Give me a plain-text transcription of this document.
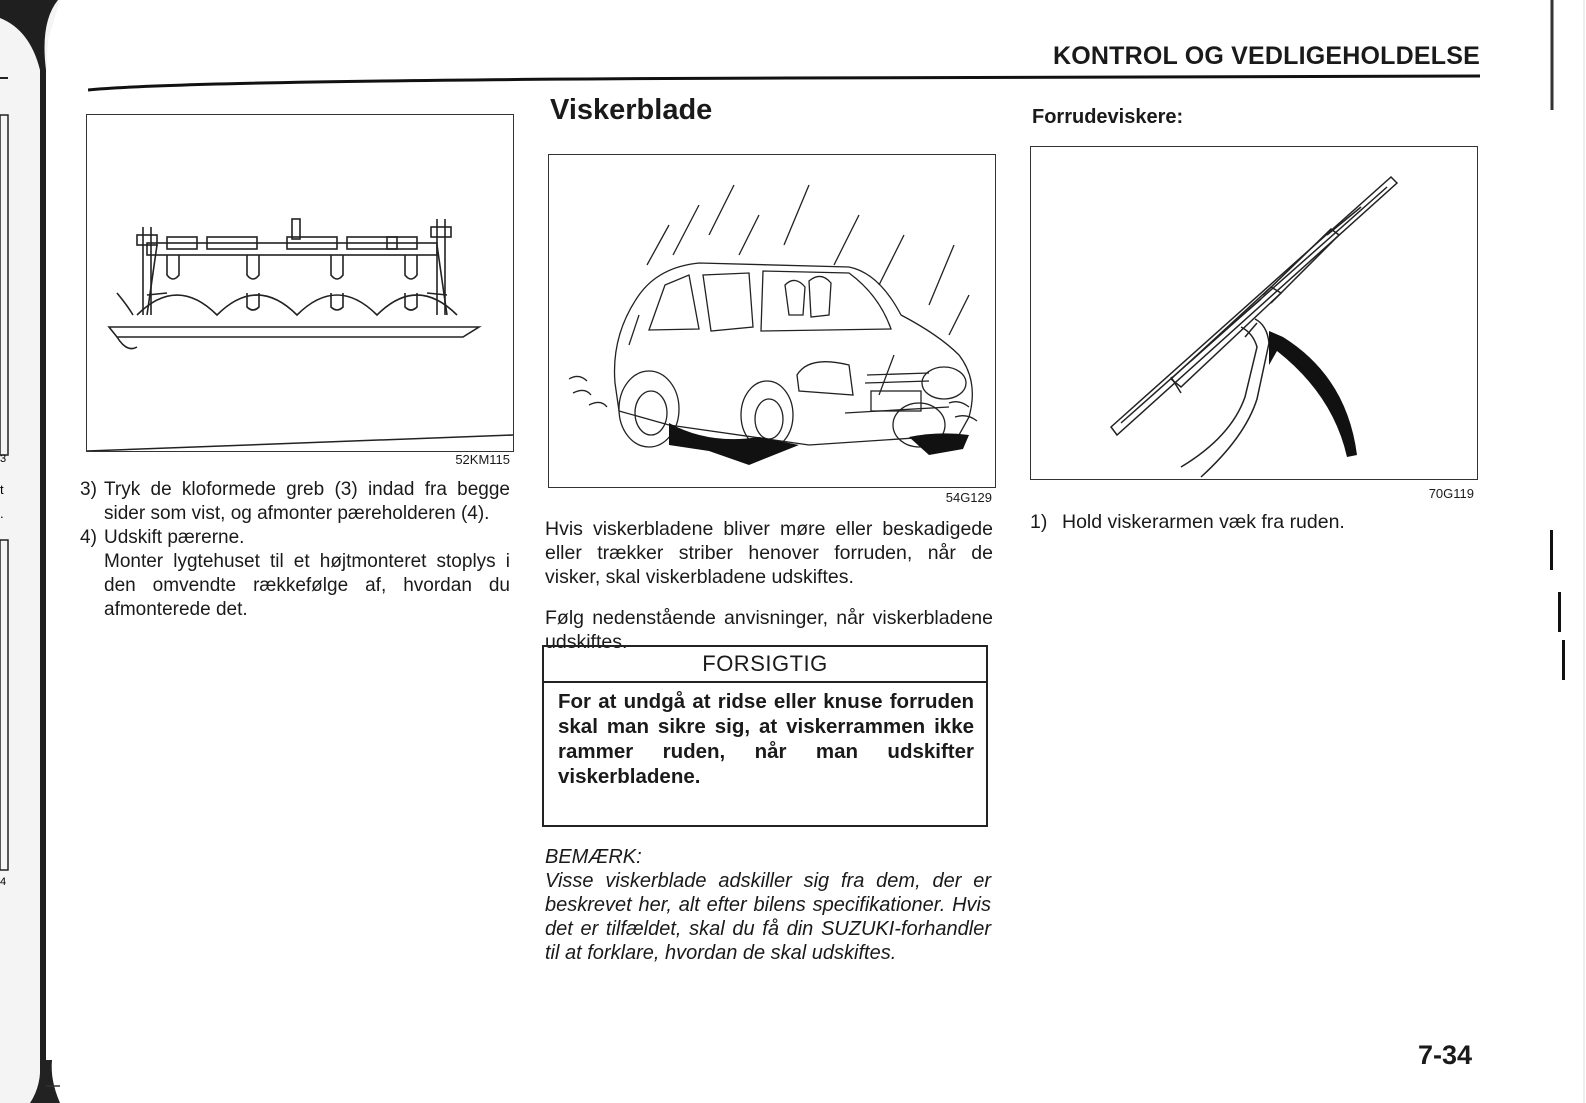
3
t
.
4
KONTROL OG VEDLIGEHOLDELSE
52KM115
3) Tryk de kloformede greb (3) indad fra begge sider som vist, og afmonter pæreholderen (4).
4) Udskift pærerne.
Monter lygtehuset til et højtmonteret stoplys i den omvendte rækkefølge af, hvordan du afmonterede det.
Viskerblade
54G129
Hvis viskerbladene bliver møre eller beskadigede eller trækker striber henover forruden, når de visker, skal viskerbladene udskiftes.
Følg nedenstående anvisninger, når viskerbladene udskiftes.
FORSIGTIG
For at undgå at ridse eller knuse forruden skal man sikre sig, at viskerrammen ikke rammer ruden, når man udskifter viskerbladene.
BEMÆRK:
Visse viskerblade adskiller sig fra dem, der er beskrevet her, alt efter bilens specifikationer. Hvis det er tilfældet, skal du få din SUZUKI-forhandler til at forklare, hvordan de skal udskiftes.
Forrudeviskere:
70G119
1) Hold viskerarmen væk fra ruden.
7-34
